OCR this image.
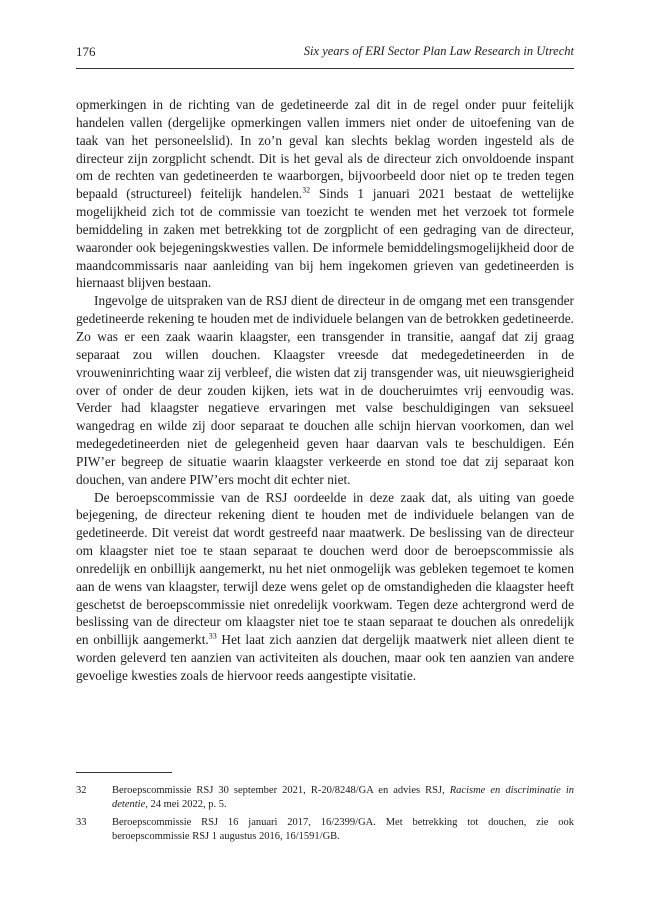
176	Six years of ERI Sector Plan Law Research in Utrecht

opmerkingen in de richting van de gedetineerde zal dit in de regel onder puur feitelijk handelen vallen (dergelijke opmerkingen vallen immers niet onder de uitoefening van de taak van het personeelslid). In zo’n geval kan slechts beklag worden ingesteld als de directeur zijn zorgplicht schendt. Dit is het geval als de directeur zich onvoldoende inspant om de rechten van gedetineerden te waarborgen, bijvoorbeeld door niet op te treden tegen bepaald (structureel) feitelijk handelen.$^{32}$ Sinds 1 januari 2021 bestaat de wettelijke mogelijkheid zich tot de commissie van toezicht te wenden met het verzoek tot formele bemiddeling in zaken met betrekking tot de zorgplicht of een gedraging van de directeur, waaronder ook bejegeningskwesties vallen. De informele bemiddelingsmogelijkheid door de maandcommissaris naar aanleiding van bij hem ingekomen grieven van gedetineerden is hiernaast blijven bestaan.

Ingevolge de uitspraken van de RSJ dient de directeur in de omgang met een transgender gedetineerde rekening te houden met de individuele belangen van de betrokken gedetineerde. Zo was er een zaak waarin klaagster, een transgender in transitie, aangaf dat zij graag separaat zou willen douchen. Klaagster vreesde dat medegedetineerden in de vrouweninrichting waar zij verbleef, die wisten dat zij transgender was, uit nieuwsgierigheid over of onder de deur zouden kijken, iets wat in de doucheruimtes vrij eenvoudig was. Verder had klaagster negatieve ervaringen met valse beschuldigingen van seksueel wangedrag en wilde zij door separaat te douchen alle schijn hiervan voorkomen, dan wel medegedetineerden niet de gelegenheid geven haar daarvan vals te beschuldigen. Eén PIW’er begreep de situatie waarin klaagster verkeerde en stond toe dat zij separaat kon douchen, van andere PIW’ers mocht dit echter niet.

De beroepscommissie van de RSJ oordeelde in deze zaak dat, als uiting van goede bejegening, de directeur rekening dient te houden met de individuele belangen van de gedetineerde. Dit vereist dat wordt gestreefd naar maatwerk. De beslissing van de directeur om klaagster niet toe te staan separaat te douchen werd door de beroepscommissie als onredelijk en onbillijk aangemerkt, nu het niet onmogelijk was gebleken tegemoet te komen aan de wens van klaagster, terwijl deze wens gelet op de omstandigheden die klaagster heeft geschetst de beroepscommissie niet onredelijk voorkwam. Tegen deze achtergrond werd de beslissing van de directeur om klaagster niet toe te staan separaat te douchen als onredelijk en onbillijk aangemerkt.$^{33}$ Het laat zich aanzien dat dergelijk maatwerk niet alleen dient te worden geleverd ten aanzien van activiteiten als douchen, maar ook ten aanzien van andere gevoelige kwesties zoals de hiervoor reeds aangestipte visitatie.

32	Beroepscommissie RSJ 30 september 2021, R-20/8248/GA en advies RSJ, Racisme en discriminatie in detentie, 24 mei 2022, p. 5.
33	Beroepscommissie RSJ 16 januari 2017, 16/2399/GA. Met betrekking tot douchen, zie ook beroepscommissie RSJ 1 augustus 2016, 16/1591/GB.
